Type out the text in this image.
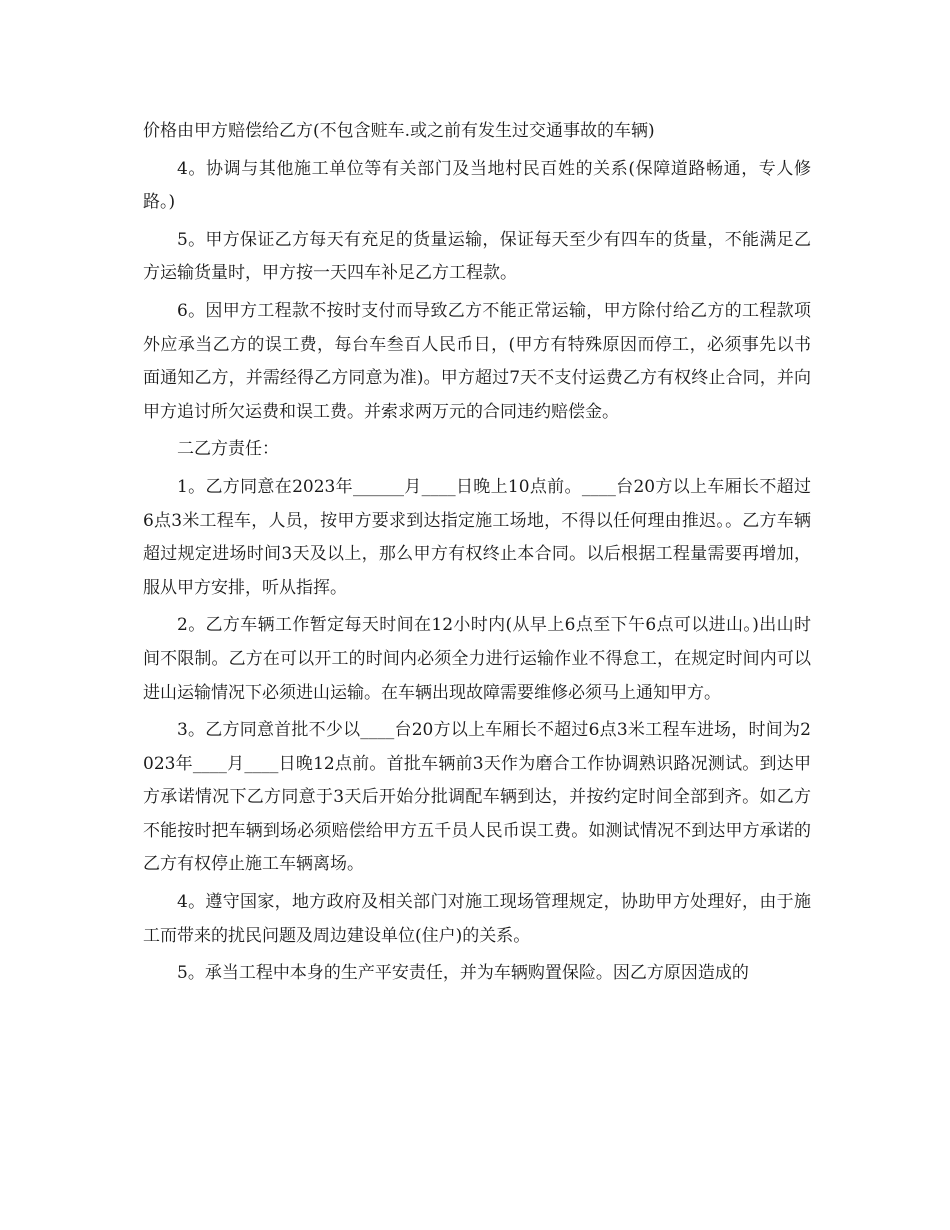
价格由甲方赔偿给乙方(不包含赃车.或之前有发生过交通事故的车辆)

4。协调与其他施工单位等有关部门及当地村民百姓的关系(保障道路畅通，专人修路。)

5。甲方保证乙方每天有充足的货量运输，保证每天至少有四车的货量，不能满足乙方运输货量时，甲方按一天四车补足乙方工程款。

6。因甲方工程款不按时支付而导致乙方不能正常运输，甲方除付给乙方的工程款项外应承当乙方的误工费，每台车叁百人民币日，(甲方有特殊原因而停工，必须事先以书面通知乙方，并需经得乙方同意为准)。甲方超过7天不支付运费乙方有权终止合同，并向甲方追讨所欠运费和误工费。并索求两万元的合同违约赔偿金。

二乙方责任：

1。乙方同意在2023年______月____日晚上10点前。____台20方以上车厢长不超过6点3米工程车，人员，按甲方要求到达指定施工场地，不得以任何理由推迟。。乙方车辆超过规定进场时间3天及以上，那么甲方有权终止本合同。以后根据工程量需要再增加，服从甲方安排，听从指挥。

2。乙方车辆工作暂定每天时间在12小时内(从早上6点至下午6点可以进山。)出山时间不限制。乙方在可以开工的时间内必须全力进行运输作业不得怠工，在规定时间内可以进山运输情况下必须进山运输。在车辆出现故障需要维修必须马上通知甲方。

3。乙方同意首批不少以____台20方以上车厢长不超过6点3米工程车进场，时间为2023年____月____日晚12点前。首批车辆前3天作为磨合工作协调熟识路况测试。到达甲方承诺情况下乙方同意于3天后开始分批调配车辆到达，并按约定时间全部到齐。如乙方不能按时把车辆到场必须赔偿给甲方五千员人民币误工费。如测试情况不到达甲方承诺的乙方有权停止施工车辆离场。

4。遵守国家，地方政府及相关部门对施工现场管理规定，协助甲方处理好，由于施工而带来的扰民问题及周边建设单位(住户)的关系。

5。承当工程中本身的生产平安责任，并为车辆购置保险。因乙方原因造成的
